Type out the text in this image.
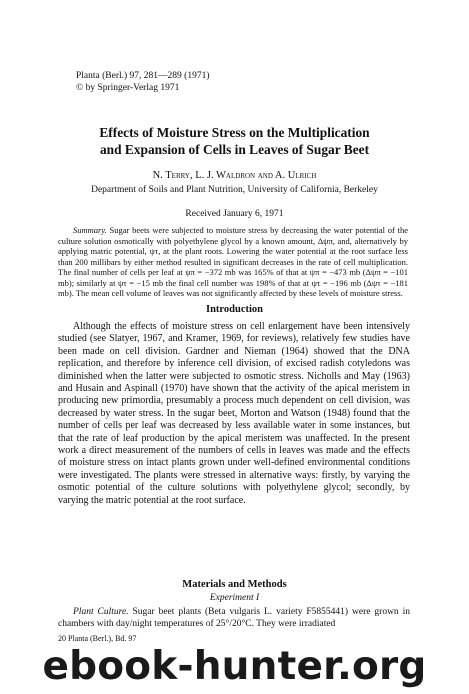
Planta (Berl.) 97, 281—289 (1971)
© by Springer-Verlag 1971
Effects of Moisture Stress on the Multiplication
and Expansion of Cells in Leaves of Sugar Beet
N. Terry, L. J. Waldron and A. Ulrich
Department of Soils and Plant Nutrition, University of California, Berkeley
Received January 6, 1971
Summary. Sugar beets were subjected to moisture stress by decreasing the water potential of the culture solution osmotically with polyethylene glycol by a known amount, Δψπ, and, alternatively by applying matric potential, ψτ, at the plant roots. Lowering the water potential at the root surface less than 200 millibars by either method resulted in significant decreases in the rate of cell multiplication. The final number of cells per leaf at ψπ = −372 mb was 165% of that at ψπ = −473 mb (Δψπ = −101 mb); similarly at ψτ = −15 mb the final cell number was 198% of that at ψτ = −196 mb (Δψτ = −181 mb). The mean cell volume of leaves was not significantly affected by these levels of moisture stress.
Introduction

Although the effects of moisture stress on cell enlargement have been intensively studied (see Slatyer, 1967, and Kramer, 1969, for reviews), relatively few studies have been made on cell division. Gardner and Nieman (1964) showed that the DNA replication, and therefore by inference cell division, of excised radish cotyledons was diminished when the latter were subjected to osmotic stress. Nicholls and May (1963) and Husain and Aspinall (1970) have shown that the activity of the apical meristem in producing new primordia, presumably a process much dependent on cell division, was decreased by water stress. In the sugar beet, Morton and Watson (1948) found that the number of cells per leaf was decreased by less available water in some instances, but that the rate of leaf production by the apical meristem was unaffected. In the present work a direct measurement of the numbers of cells in leaves was made and the effects of moisture stress on intact plants grown under well-defined environmental conditions were investigated. The plants were stressed in alternative ways: firstly, by varying the osmotic potential of the culture solutions with polyethylene glycol; secondly, by varying the matric potential at the root surface.

Materials and Methods
Experiment I
Plant Culture. Sugar beet plants (Beta vulgaris L. variety F5855441) were grown in chambers with day/night temperatures of 25°/20°C. They were irradiated
20 Planta (Berl.), Bd. 97
ebook-hunter.org
